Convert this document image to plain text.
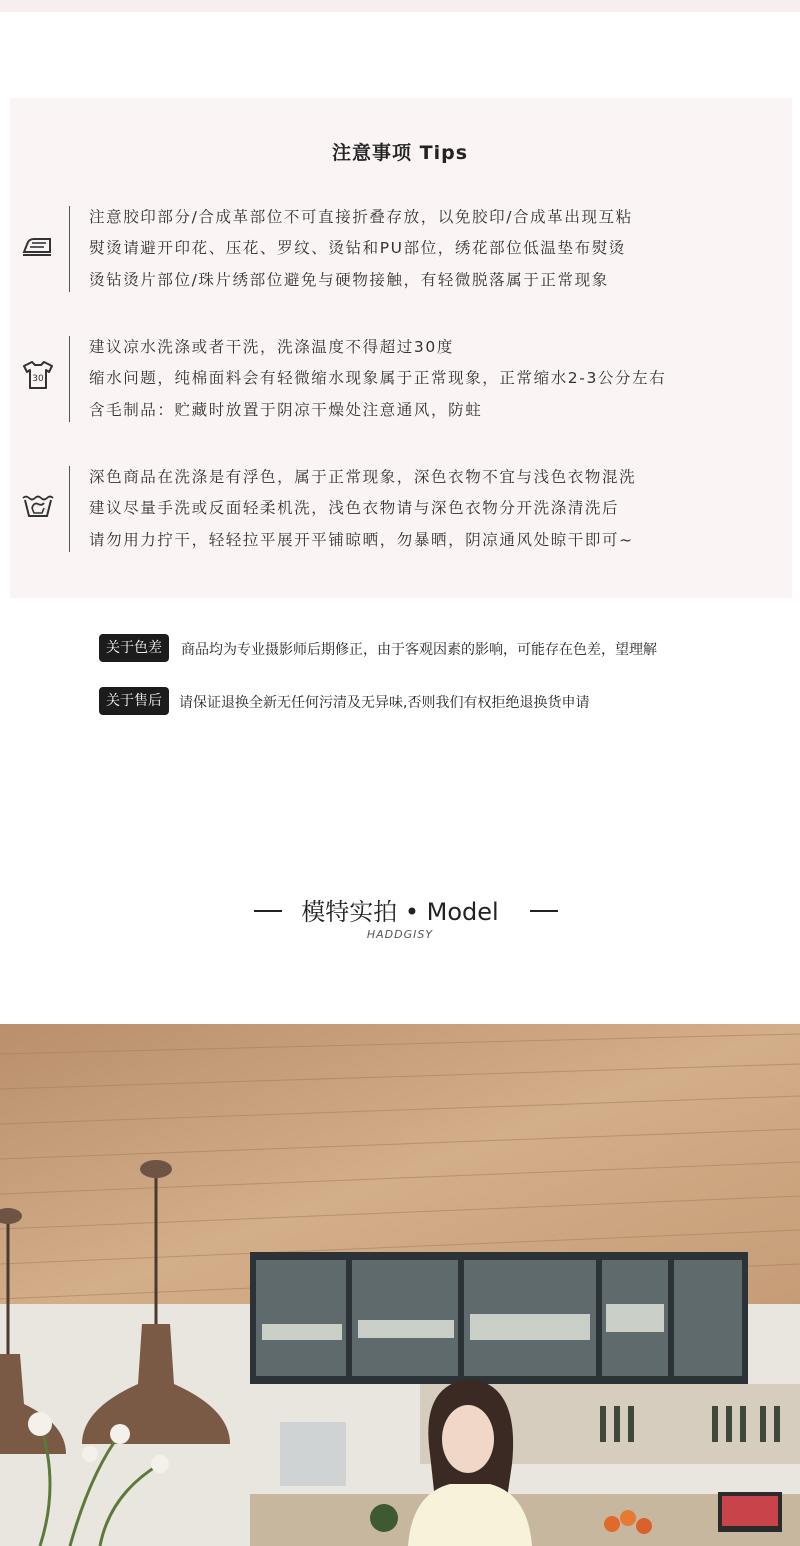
注意事项 Tips
注意胶印部分/合成革部位不可直接折叠存放，以免胶印/合成革出现互粘
熨烫请避开印花、压花、罗纹、烫钻和PU部位，绣花部位低温垫布熨烫
烫钻烫片部位/珠片绣部位避免与硬物接触，有轻微脱落属于正常现象
30
建议凉水洗涤或者干洗，洗涤温度不得超过30度
缩水问题，纯棉面料会有轻微缩水现象属于正常现象，正常缩水2-3公分左右
含毛制品：贮藏时放置于阴凉干燥处注意通风，防蛀
深色商品在洗涤是有浮色，属于正常现象，深色衣物不宜与浅色衣物混洗
建议尽量手洗或反面轻柔机洗，浅色衣物请与深色衣物分开洗涤清洗后
请勿用力拧干，轻轻拉平展开平铺晾晒，勿暴晒，阴凉通风处晾干即可~
关于色差	商品均为专业摄影师后期修正，由于客观因素的影响，可能存在色差，望理解
关于售后	请保证退换全新无任何污清及无异味,否则我们有权拒绝退换货申请
模特实拍 • Model
HADDGISY
